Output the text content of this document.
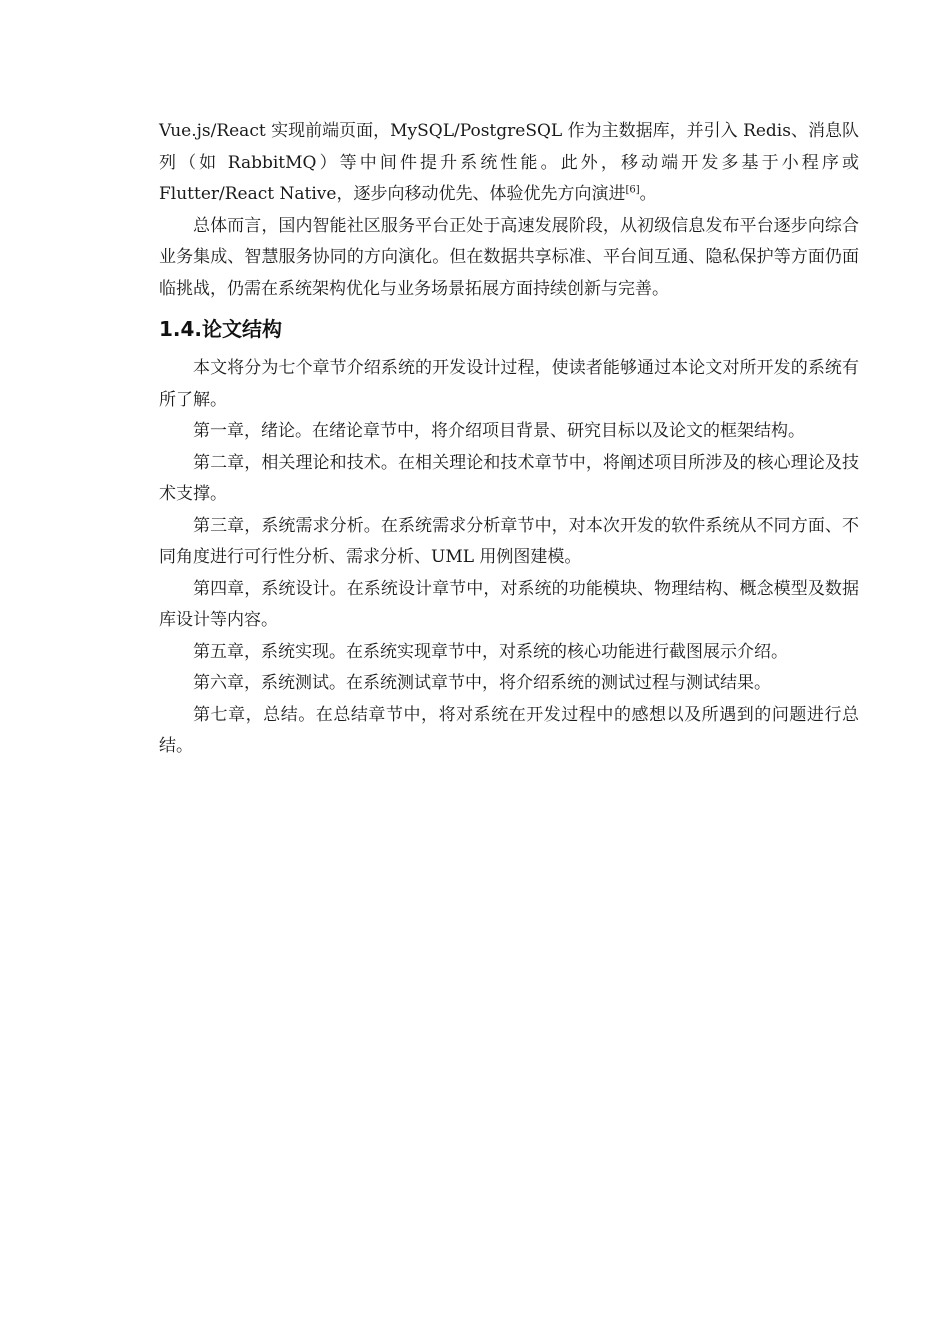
Vue.js/React 实现前端页面，MySQL/PostgreSQL 作为主数据库，并引入 Redis、消息队列（如 RabbitMQ）等中间件提升系统性能。此外，移动端开发多基于小程序或 Flutter/React Native，逐步向移动优先、体验优先方向演进[6]。

总体而言，国内智能社区服务平台正处于高速发展阶段，从初级信息发布平台逐步向综合业务集成、智慧服务协同的方向演化。但在数据共享标准、平台间互通、隐私保护等方面仍面临挑战，仍需在系统架构优化与业务场景拓展方面持续创新与完善。

1.4.论文结构

本文将分为七个章节介绍系统的开发设计过程，使读者能够通过本论文对所开发的系统有所了解。

第一章，绪论。在绪论章节中，将介绍项目背景、研究目标以及论文的框架结构。

第二章，相关理论和技术。在相关理论和技术章节中，将阐述项目所涉及的核心理论及技术支撑。

第三章，系统需求分析。在系统需求分析章节中，对本次开发的软件系统从不同方面、不同角度进行可行性分析、需求分析、UML 用例图建模。

第四章，系统设计。在系统设计章节中，对系统的功能模块、物理结构、概念模型及数据库设计等内容。

第五章，系统实现。在系统实现章节中，对系统的核心功能进行截图展示介绍。

第六章，系统测试。在系统测试章节中，将介绍系统的测试过程与测试结果。

第七章，总结。在总结章节中，将对系统在开发过程中的感想以及所遇到的问题进行总结。
